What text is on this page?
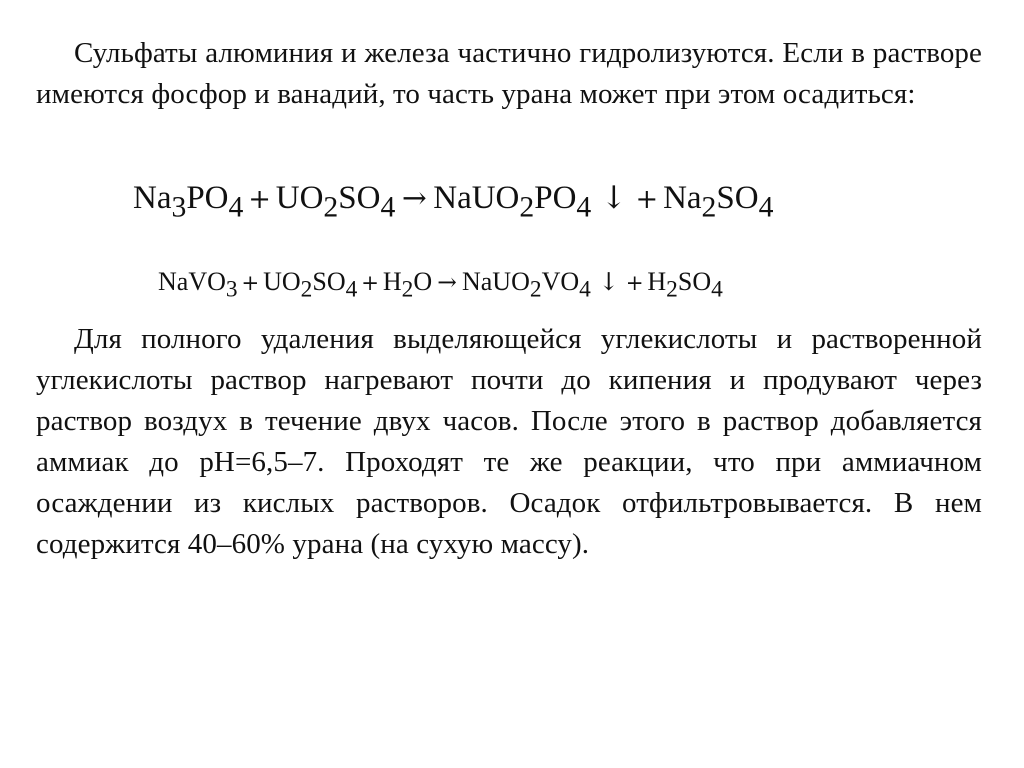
Сульфаты алюминия и железа частично гидролизуются. Если в растворе имеются фосфор и ванадий, то часть урана может при этом осадиться:

$Na_3PO_4 + UO_2SO_4$ → $NaUO_2PO_4$ ↓ + $Na_2SO_4$
NaVO$_3$ + $UO_2SO_4 + H_2O$ → $NaUO_2VO_4$ ↓ + $H_2SO_4$

Для полного удаления выделяющейся углекислоты и растворенной углекислоты раствор нагревают почти до кипения и продувают через раствор воздух в течение двух часов. После этого в раствор добавляется аммиак до pH=6,5–7. Проходят те же реакции, что при аммиачном осаждении из кислых растворов. Осадок отфильтровывается. В нем содержится 40–60% урана (на сухую массу).
